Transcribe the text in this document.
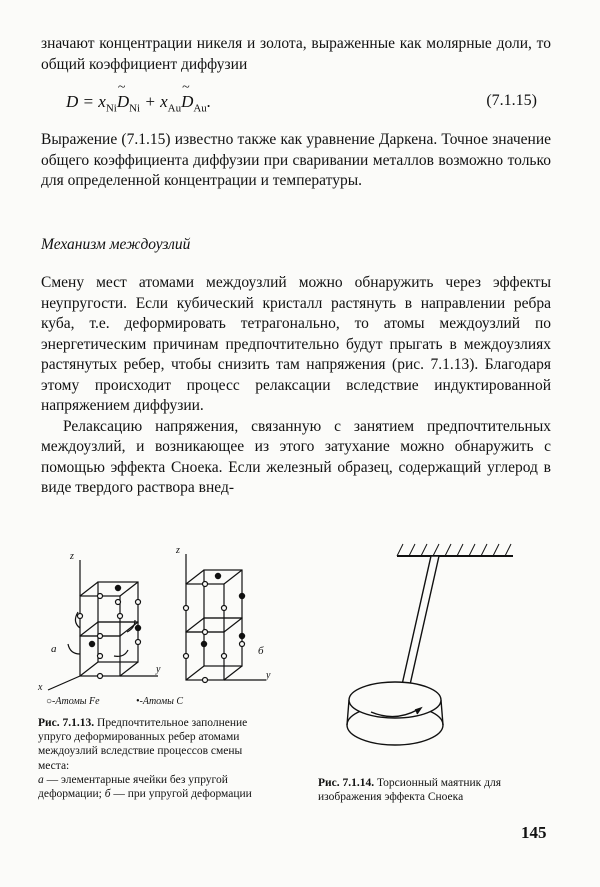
значают концентрации никеля и золота, выраженные как молярные доли, то общий коэффициент диффузии

$D = x_{Ni}\sim$ $D_{Ni}$ + $x_{Au}\sim$ $D_{Au}$.	(7.1.15)

Выражение (7.1.15) известно также как уравнение Даркена. Точное значение общего коэффициента диффузии при сваривании металлов возможно только для определенной концентрации и температуры.

Механизм междоузлий

Смену мест атомами междоузлий можно обнаружить через эффекты неупругости. Если кубический кристалл растянуть в направлении ребра куба, т.е. деформировать тетрагонально, то атомы междоузлий по энергетическим причинам предпочтительно будут прыгать в междоузлиях растянутых ребер, чтобы снизить там напряжения (рис. 7.1.13). Благодаря этому происходит процесс релаксации вследствие индуктированной напряжением диффузии.

Релаксацию напряжения, связанную с занятием предпочтительных междоузлий, и возникающее из этого затухание можно обнаружить с помощью эффекта Сноека. Если железный образец, содержащий углерод в виде твердого раствора внед-

z
z
x
y
y
a	б
○-Атомы Fe	•-Атомы C
Рис. 7.1.13. Предпочтительное заполнение упруго деформированных ребер атомами междоузлий вследствие процессов смены места:
а — элементарные ячейки без упругой деформации; б — при упругой деформации
Рис. 7.1.14. Торсионный маятник для изображения эффекта Сноека
145
